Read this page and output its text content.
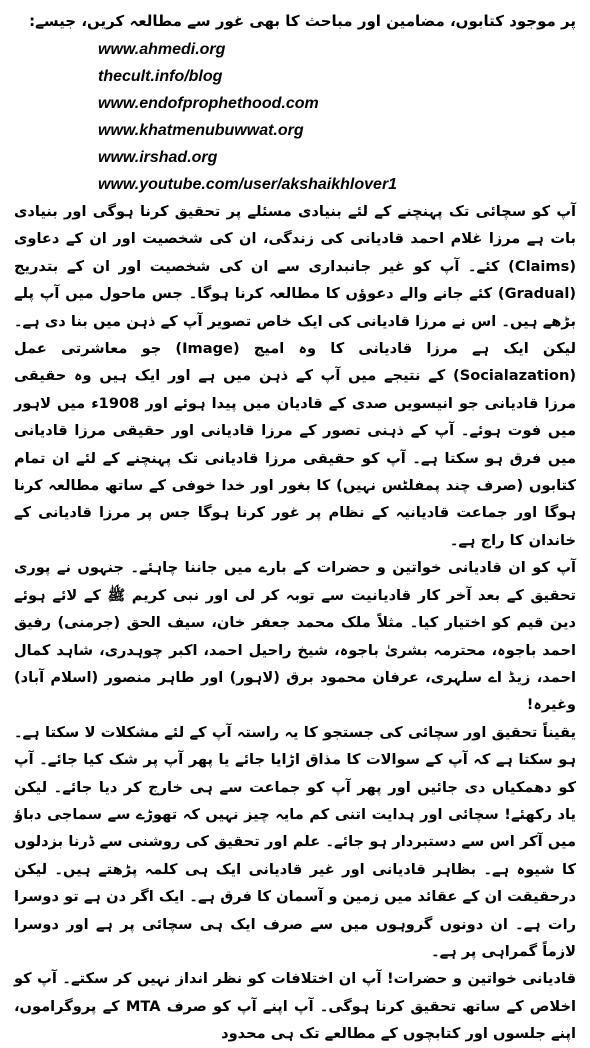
پر موجود کتابوں، مضامین اور مباحث کا بھی غور سے مطالعہ کریں، جیسے:

www.ahmedi.org
thecult.info/blog
www.endofprophethood.com
www.khatmenubuwwat.org
www.irshad.org
www.youtube.com/user/akshaikhlover1

آپ کو سچائی تک پہنچنے کے لئے بنیادی مسئلے پر تحقیق کرنا ہوگی اور بنیادی بات ہے مرزا غلام احمد قادیانی کی زندگی، ان کی شخصیت اور ان کے دعاوی (Claims) کئے۔ آپ کو غیر جانبداری سے ان کی شخصیت اور ان کے بتدریج (Gradual) کئے جانے والے دعوؤں کا مطالعہ کرنا ہوگا۔ جس ماحول میں آپ پلے بڑھے ہیں۔ اس نے مرزا قادیانی کی ایک خاص تصویر آپ کے ذہن میں بنا دی ہے۔ لیکن ایک ہے مرزا قادیانی کا وہ امیج (Image) جو معاشرتی عمل (Socialazation) کے نتیجے میں آپ کے ذہن میں ہے اور ایک ہیں وہ حقیقی مرزا قادیانی جو انیسویں صدی کے قادیان میں پیدا ہوئے اور 1908ء میں لاہور میں فوت ہوئے۔ آپ کے ذہنی تصور کے مرزا قادیانی اور حقیقی مرزا قادیانی میں فرق ہو سکتا ہے۔ آپ کو حقیقی مرزا قادیانی تک پہنچنے کے لئے ان تمام کتابوں (صرف چند پمفلٹس نہیں) کا بغور اور خدا خوفی کے ساتھ مطالعہ کرنا ہوگا اور جماعت قادیانیہ کے نظام پر غور کرنا ہوگا جس پر مرزا قادیانی کے خاندان کا راج ہے۔

آپ کو ان قادیانی خواتین و حضرات کے بارے میں جاننا چاہئے۔ جنہوں نے پوری تحقیق کے بعد آخر کار قادیانیت سے توبہ کر لی اور نبی کریم ﷺ کے لائے ہوئے دین قیم کو اختیار کیا۔ مثلاً ملک محمد جعفر خان، سیف الحق (جرمنی) رفیق احمد باجوہ، محترمہ بشریٰ باجوہ، شیخ راحیل احمد، اکبر چوہدری، شاہد کمال احمد، زیڈ اے سلہری، عرفان محمود برق (لاہور) اور طاہر منصور (اسلام آباد) وغیرہ!

یقیناً تحقیق اور سچائی کی جستجو کا یہ راستہ آپ کے لئے مشکلات لا سکتا ہے۔ ہو سکتا ہے کہ آپ کے سوالات کا مذاق اڑایا جائے یا پھر آپ پر شک کیا جائے۔ آپ کو دھمکیاں دی جائیں اور پھر آپ کو جماعت سے ہی خارج کر دیا جائے۔ لیکن یاد رکھئے! سچائی اور ہدایت اتنی کم مایہ چیز نہیں کہ تھوڑے سے سماجی دباؤ میں آکر اس سے دستبردار ہو جائے۔ علم اور تحقیق کی روشنی سے ڈرنا بزدلوں کا شیوہ ہے۔ بظاہر قادیانی اور غیر قادیانی ایک ہی کلمہ پڑھتے ہیں۔ لیکن درحقیقت ان کے عقائد میں زمین و آسمان کا فرق ہے۔ ایک اگر دن ہے تو دوسرا رات ہے۔ ان دونوں گروہوں میں سے صرف ایک ہی سچائی پر ہے اور دوسرا لازماً گمراہی پر ہے۔

قادیانی خواتین و حضرات! آپ ان اختلافات کو نظر انداز نہیں کر سکتے۔ آپ کو اخلاص کے ساتھ تحقیق کرنا ہوگی۔ آپ اپنے آپ کو صرف MTA کے پروگراموں، اپنے جلسوں اور کتابچوں کے مطالعے تک ہی محدود
